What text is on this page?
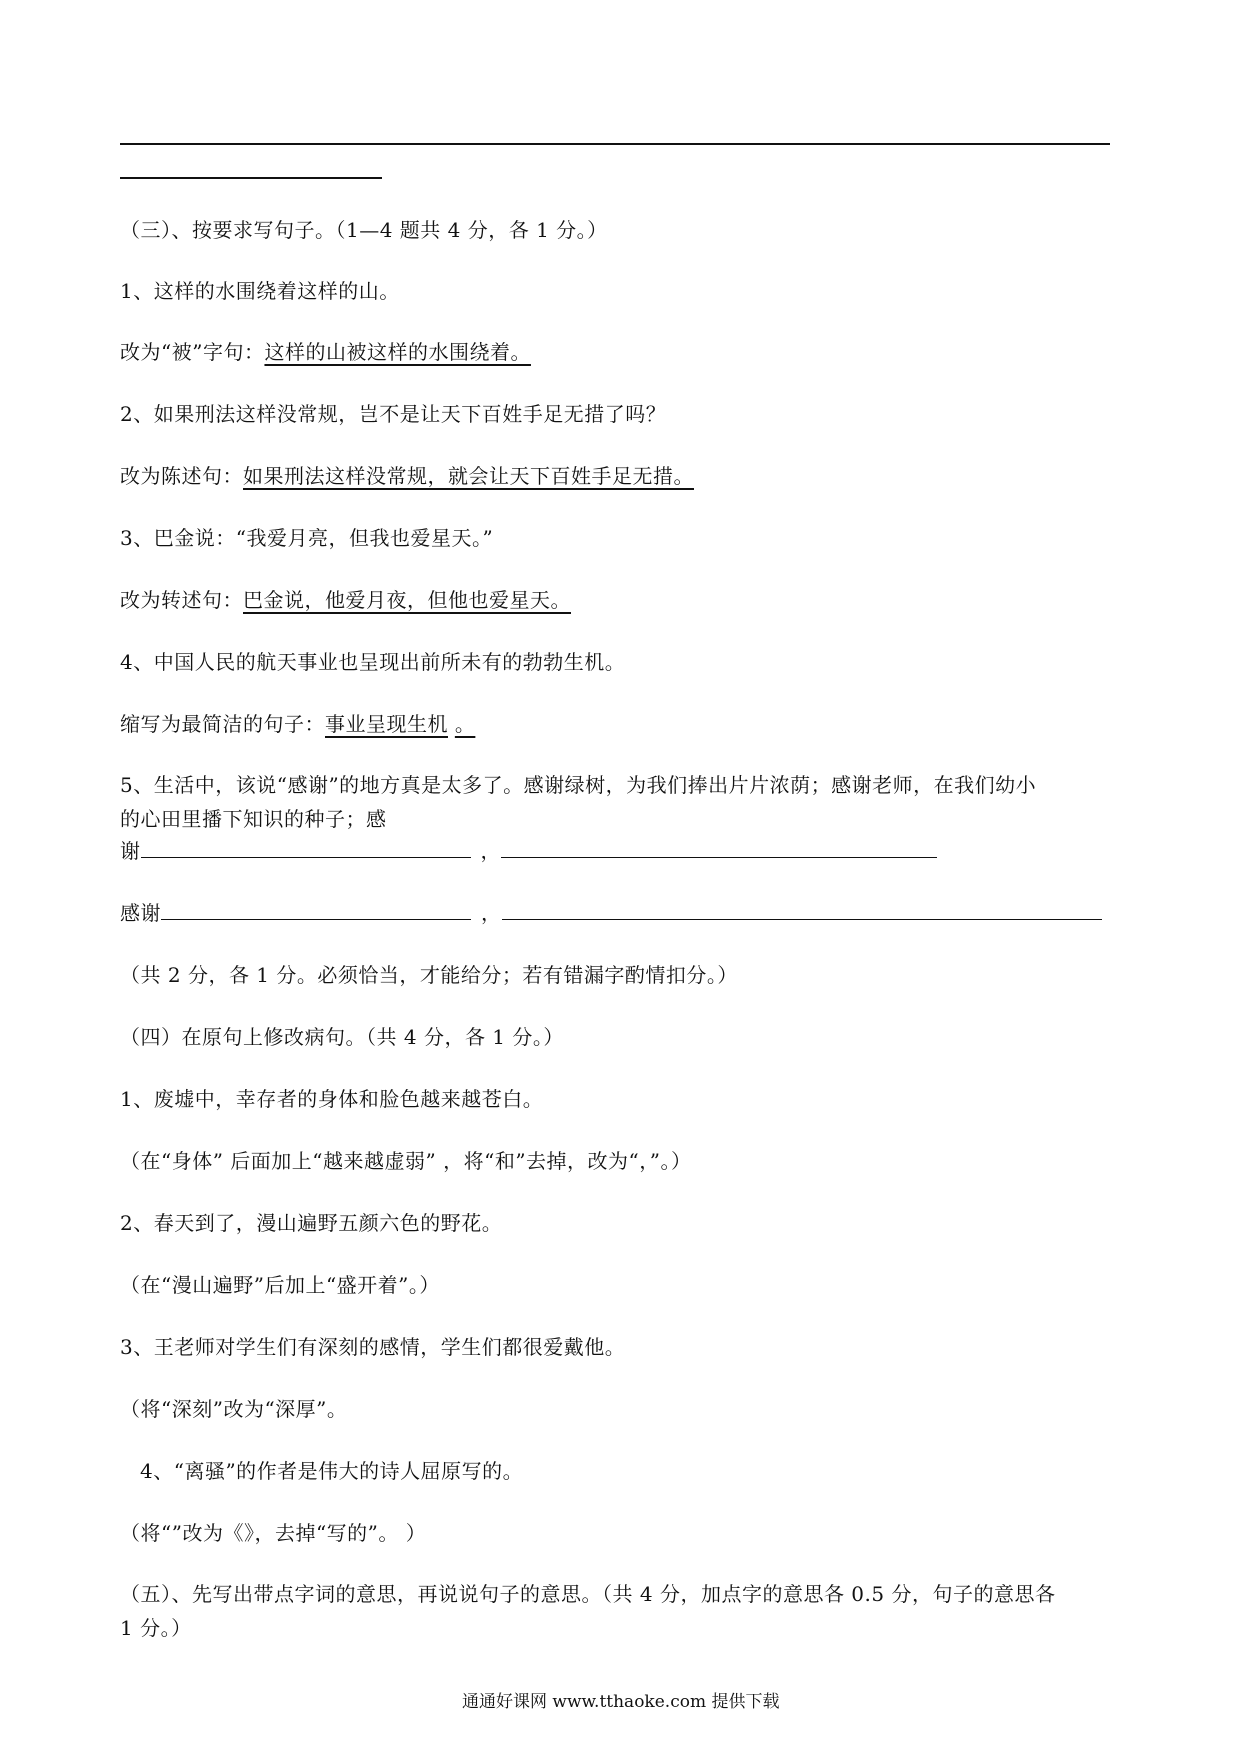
（三）、按要求写句子。（1—4 题共 4 分，各 1 分。）
1、这样的水围绕着这样的山。
改为“被”字句：这样的山被这样的水围绕着。
2、如果刑法这样没常规，岂不是让天下百姓手足无措了吗？
改为陈述句：如果刑法这样没常规，就会让天下百姓手足无措。
3、巴金说：“我爱月亮，但我也爱星天。”
改为转述句：巴金说，他爱月夜，但他也爱星天。
4、中国人民的航天事业也呈现出前所未有的勃勃生机。
缩写为最简洁的句子：事业呈现生机 。
5、生活中，该说“感谢”的地方真是太多了。感谢绿树，为我们捧出片片浓荫；感谢老师，在我们幼小
的心田里播下知识的种子；感
谢	，
感谢	，
（共 2 分，各 1 分。必须恰当，才能给分；若有错漏字酌情扣分。）
（四）在原句上修改病句。（共 4 分，各 1 分。）
1、废墟中，幸存者的身体和脸色越来越苍白。
（在“身体” 后面加上“越来越虚弱” ，将“和”去掉，改为“，”。）
2、春天到了，漫山遍野五颜六色的野花。
（在“漫山遍野”后加上“盛开着”。）
3、王老师对学生们有深刻的感情，学生们都很爱戴他。
（将“深刻”改为“深厚”。
4、“离骚”的作者是伟大的诗人屈原写的。
（将“”改为《》，去掉“写的”。 ）
（五）、先写出带点字词的意思，再说说句子的意思。（共 4 分，加点字的意思各 0.5 分，句子的意思各
1 分。）
通通好课网 www.tthaoke.com 提供下载
